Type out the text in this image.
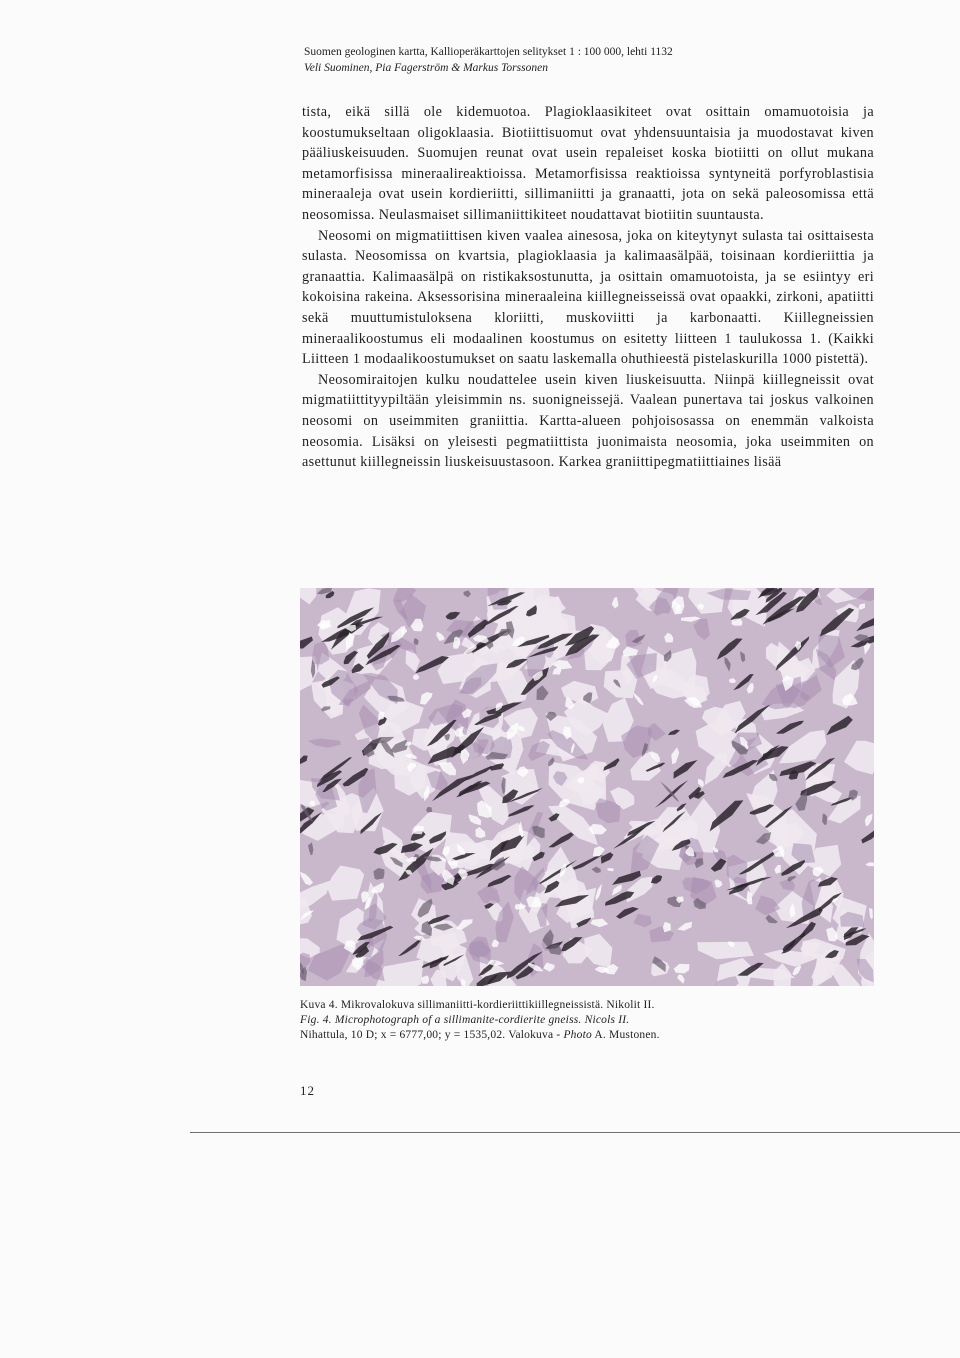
Suomen geologinen kartta, Kallioperäkarttojen selitykset 1 : 100 000, lehti 1132
Veli Suominen, Pia Fagerström & Markus Torssonen

tista, eikä sillä ole kidemuotoa. Plagioklaasikiteet ovat osittain omamuotoisia ja koostumukseltaan oligoklaasia. Biotiittisuomut ovat yhdensuuntaisia ja muodostavat kiven pääliuskeisuuden. Suomujen reunat ovat usein repaleiset koska biotiitti on ollut mukana metamorfisissa mineraalireaktioissa. Metamorfisissa reaktioissa syntyneitä porfyroblastisia mineraaleja ovat usein kordieriitti, sillimaniitti ja granaatti, jota on sekä paleosomissa että neosomissa. Neulasmaiset sillimaniittikiteet noudattavat biotiitin suuntausta.

Neosomi on migmatiittisen kiven vaalea ainesosa, joka on kiteytynyt sulasta tai osittaisesta sulasta. Neosomissa on kvartsia, plagioklaasia ja kalimaasälpää, toisinaan kordieriittia ja granaattia. Kalimaasälpä on ristikaksostunutta, ja osittain omamuotoista, ja se esiintyy eri kokoisina rakeina. Aksessorisina mineraaleina kiillegneisseissä ovat opaakki, zirkoni, apatiitti sekä muuttumistuloksena kloriitti, muskoviitti ja karbonaatti. Kiillegneissien mineraalikoostumus eli modaalinen koostumus on esitetty liitteen 1 taulukossa 1. (Kaikki Liitteen 1 modaalikoostumukset on saatu laskemalla ohuthieestä pistelaskurilla 1000 pistettä).

Neosomiraitojen kulku noudattelee usein kiven liuskeisuutta. Niinpä kiillegneissit ovat migmatiittityypiltään yleisimmin ns. suonigneissejä. Vaalean punertava tai joskus valkoinen neosomi on useimmiten graniittia. Kartta-alueen pohjoisosassa on enemmän valkoista neosomia. Lisäksi on yleisesti pegmatiittista juonimaista neosomia, joka useimmiten on asettunut kiillegneissin liuskeisuustasoon. Karkea graniittipegmatiittiaines lisää

Kuva 4. Mikrovalokuva sillimaniitti-kordieriittikiillegneissistä. Nikolit II.
Fig. 4. Microphotograph of a sillimanite-cordierite gneiss. Nicols II.
Nihattula, 10 D; x = 6777,00; y = 1535,02. Valokuva - Photo A. Mustonen.
12
